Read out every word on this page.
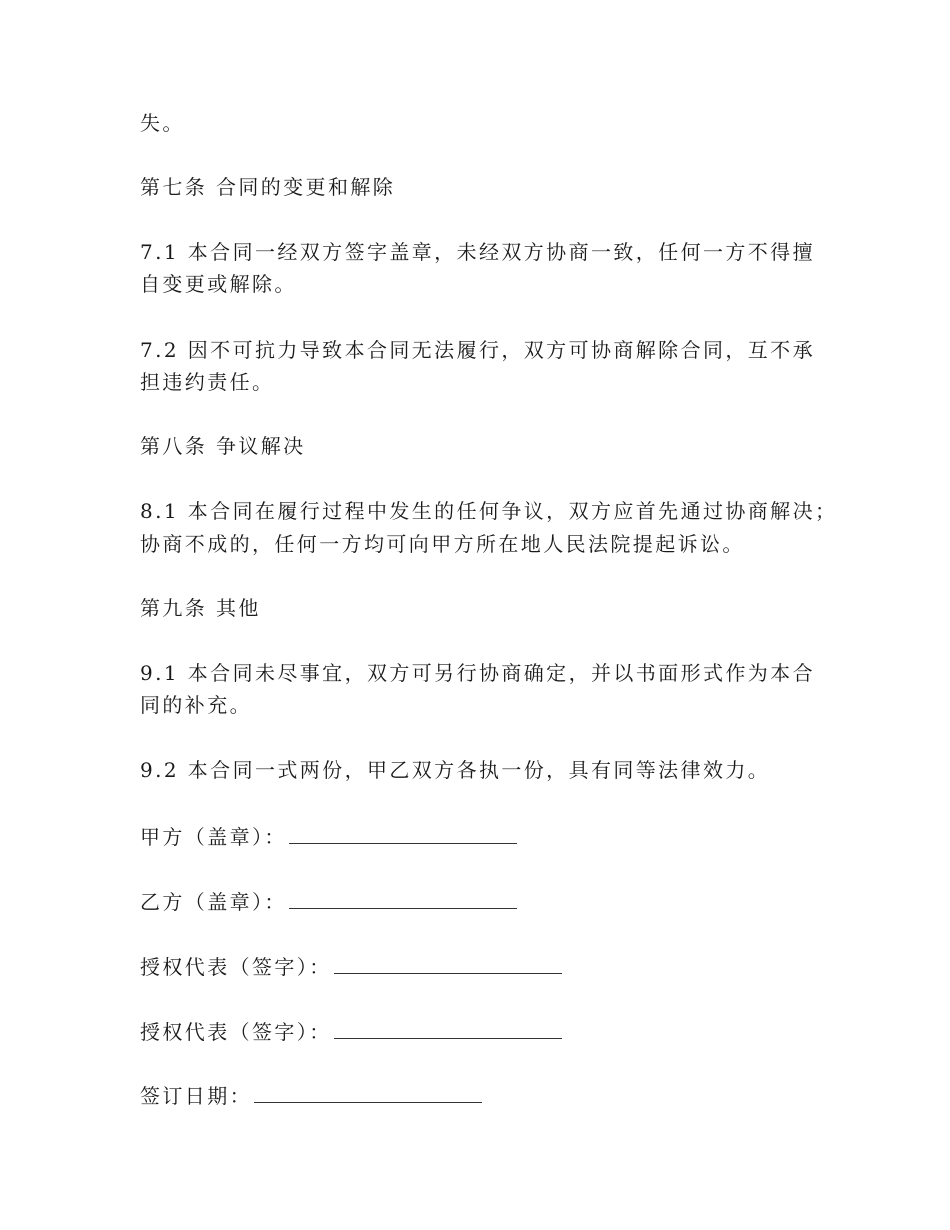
失。
第七条 合同的变更和解除
7.1 本合同一经双方签字盖章，未经双方协商一致，任何一方不得擅
自变更或解除。
7.2 因不可抗力导致本合同无法履行，双方可协商解除合同，互不承
担违约责任。
第八条 争议解决
8.1 本合同在履行过程中发生的任何争议，双方应首先通过协商解决；
协商不成的，任何一方均可向甲方所在地人民法院提起诉讼。
第九条 其他
9.1 本合同未尽事宜，双方可另行协商确定，并以书面形式作为本合
同的补充。
9.2 本合同一式两份，甲乙双方各执一份，具有同等法律效力。
甲方（盖章）：
乙方（盖章）：
授权代表（签字）：
授权代表（签字）：
签订日期：
